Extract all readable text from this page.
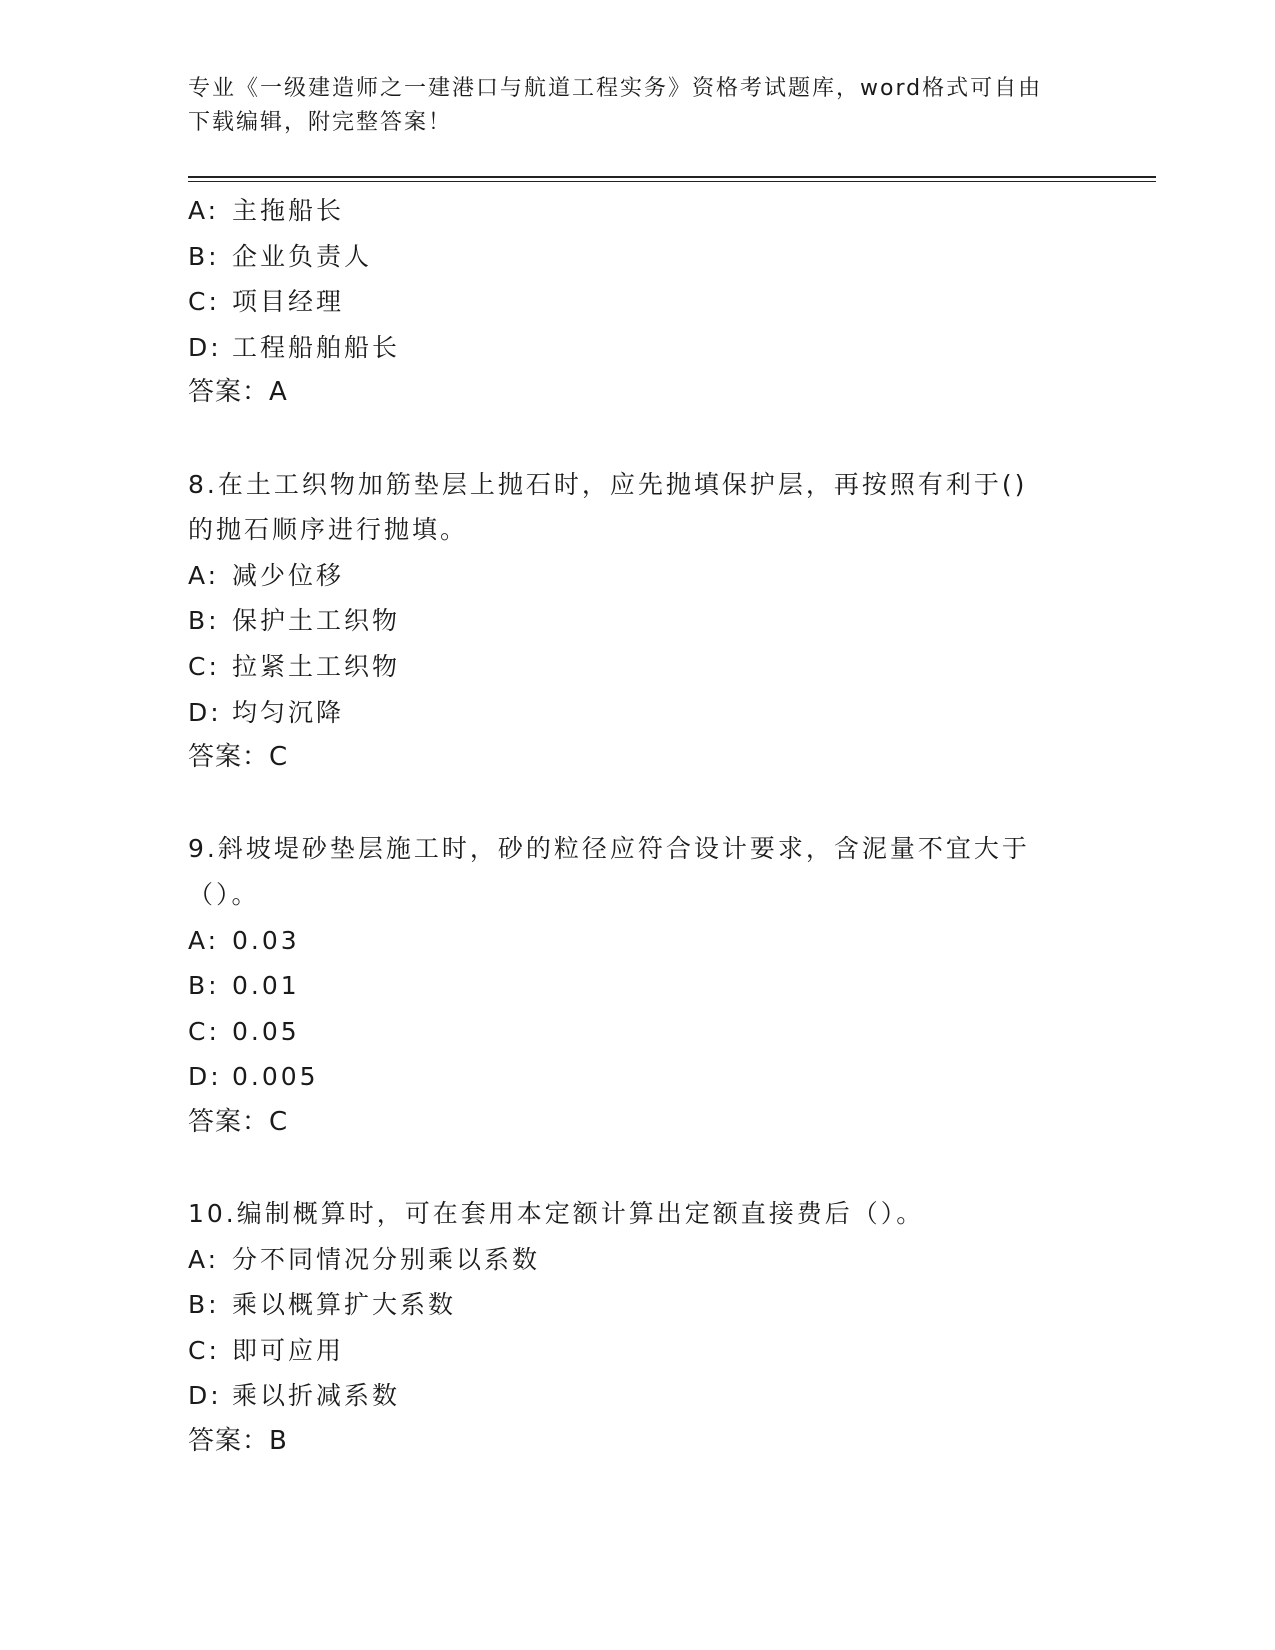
专业《一级建造师之一建港口与航道工程实务》资格考试题库，word格式可自由
下载编辑，附完整答案！
A: 主拖船长
B: 企业负责人
C: 项目经理
D: 工程船舶船长
答案：A
8.在土工织物加筋垫层上抛石时，应先抛填保护层，再按照有利于()
的抛石顺序进行抛填。
A: 减少位移
B: 保护土工织物
C: 拉紧土工织物
D: 均匀沉降
答案：C
9.斜坡堤砂垫层施工时，砂的粒径应符合设计要求，含泥量不宜大于
（）。
A: 0.03
B: 0.01
C: 0.05
D: 0.005
答案：C
10.编制概算时，可在套用本定额计算出定额直接费后（）。
A: 分不同情况分别乘以系数
B: 乘以概算扩大系数
C: 即可应用
D: 乘以折减系数
答案：B
